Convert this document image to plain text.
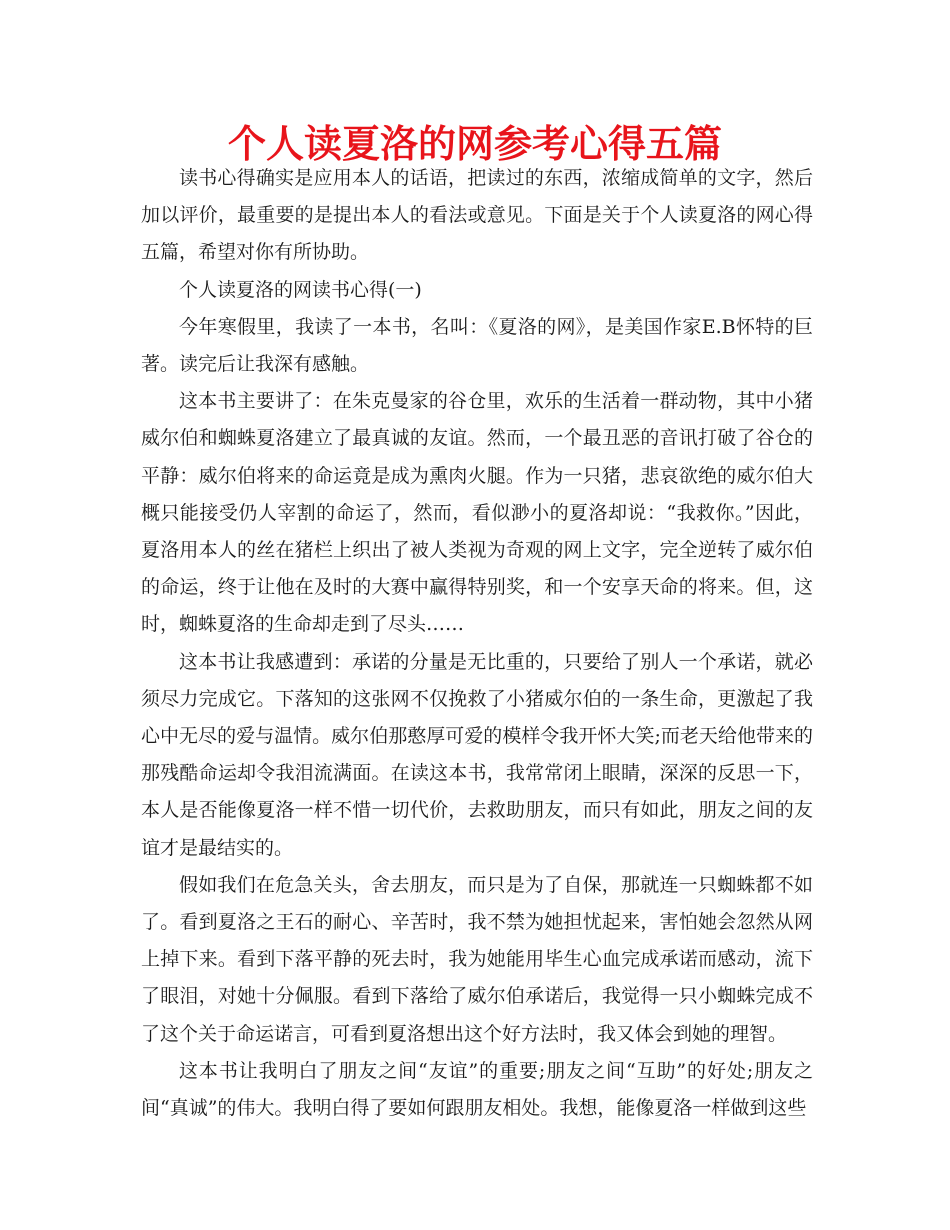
个人读夏洛的网参考心得五篇

读书心得确实是应用本人的话语，把读过的东西，浓缩成简单的文字，然后加以评价，最重要的是提出本人的看法或意见。下面是关于个人读夏洛的网心得五篇，希望对你有所协助。

个人读夏洛的网读书心得(一)

今年寒假里，我读了一本书，名叫：《夏洛的网》，是美国作家E.B怀特的巨著。读完后让我深有感触。

这本书主要讲了：在朱克曼家的谷仓里，欢乐的生活着一群动物，其中小猪威尔伯和蜘蛛夏洛建立了最真诚的友谊。然而，一个最丑恶的音讯打破了谷仓的平静：威尔伯将来的命运竟是成为熏肉火腿。作为一只猪，悲哀欲绝的威尔伯大概只能接受仍人宰割的命运了，然而，看似渺小的夏洛却说：“我救你。”因此，夏洛用本人的丝在猪栏上织出了被人类视为奇观的网上文字，完全逆转了威尔伯的命运，终于让他在及时的大赛中赢得特别奖，和一个安享天命的将来。但，这时，蜘蛛夏洛的生命却走到了尽头……

这本书让我感遭到：承诺的分量是无比重的，只要给了别人一个承诺，就必须尽力完成它。下落知的这张网不仅挽救了小猪威尔伯的一条生命，更激起了我心中无尽的爱与温情。威尔伯那憨厚可爱的模样令我开怀大笑;而老天给他带来的那残酷命运却令我泪流满面。在读这本书，我常常闭上眼睛，深深的反思一下，本人是否能像夏洛一样不惜一切代价，去救助朋友，而只有如此，朋友之间的友谊才是最结实的。

假如我们在危急关头，舍去朋友，而只是为了自保，那就连一只蜘蛛都不如了。看到夏洛之王石的耐心、辛苦时，我不禁为她担忧起来，害怕她会忽然从网上掉下来。看到下落平静的死去时，我为她能用毕生心血完成承诺而感动，流下了眼泪，对她十分佩服。看到下落给了威尔伯承诺后，我觉得一只小蜘蛛完成不了这个关于命运诺言，可看到夏洛想出这个好方法时，我又体会到她的理智。

这本书让我明白了朋友之间“友谊”的重要;朋友之间“互助”的好处;朋友之间“真诚”的伟大。我明白得了要如何跟朋友相处。我想，能像夏洛一样做到这些
